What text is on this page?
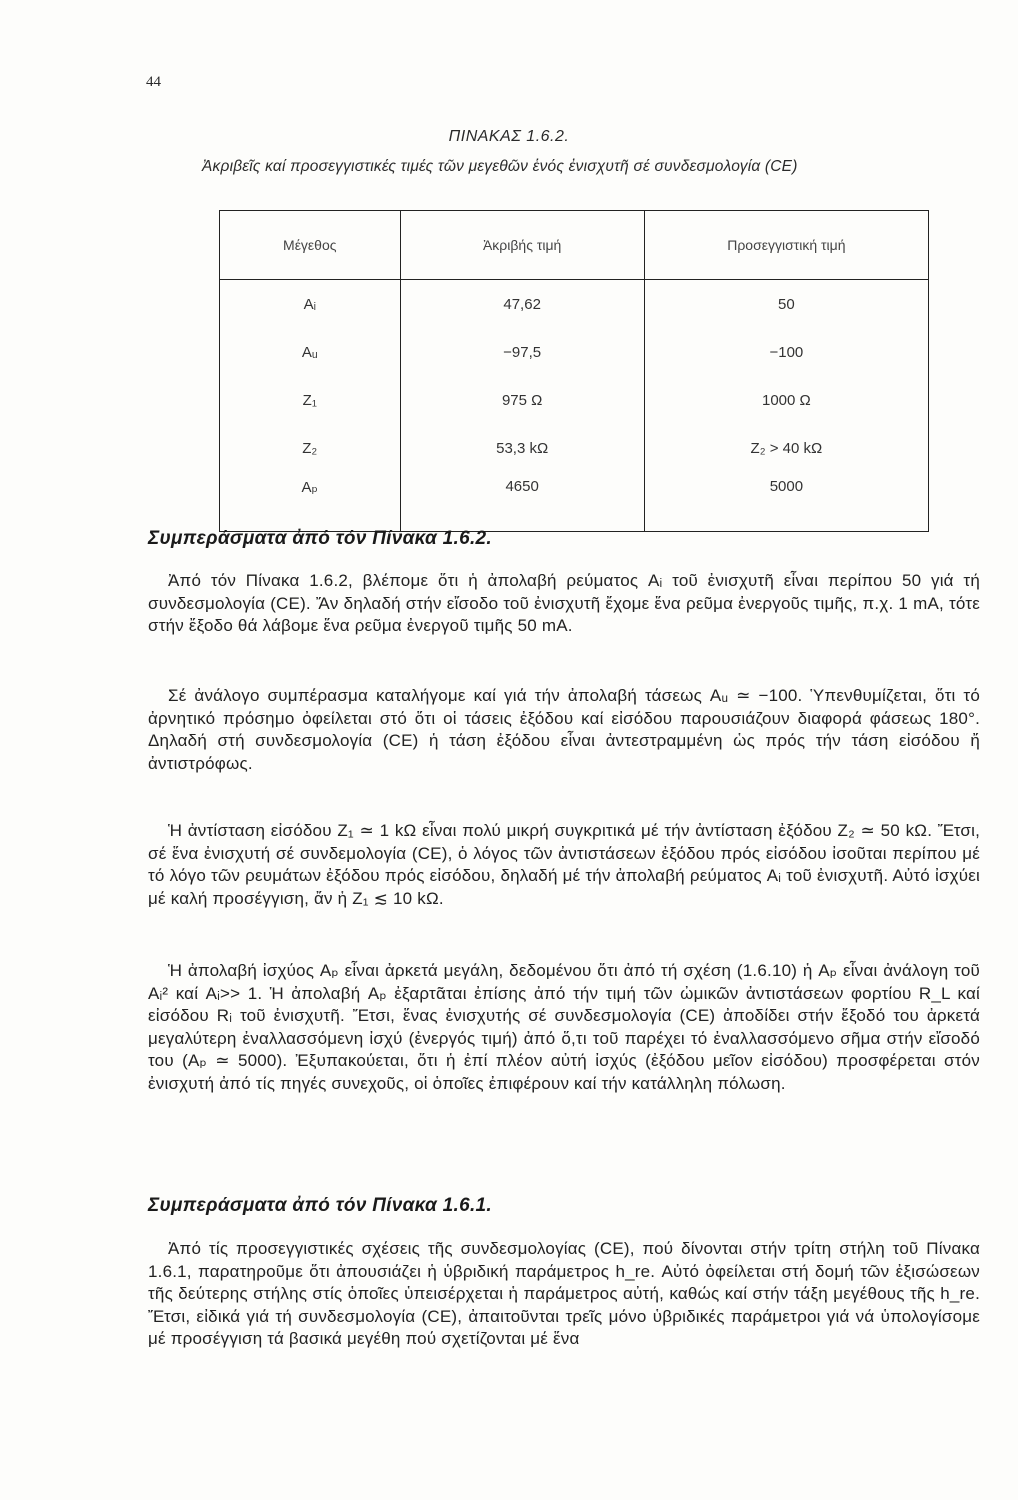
44
ΠΙΝΑΚΑΣ 1.6.2.
Ἀκριβεῖς καί προσεγγιστικές τιμές τῶν μεγεθῶν ἑνός ἐνισχυτῆ σέ συνδεσμολογία (CE)
Μέγεθος	Ἀκριβής τιμή	Προσεγγιστική τιμή
Aᵢ	47,62	50
Aᵤ	−97,5	−100
Z₁	975 Ω	1000 Ω
Z₂	53,3 kΩ	Z₂ > 40 kΩ
Aₚ	4650	5000
Συμπεράσματα ἀπό τόν Πίνακα 1.6.2.

Ἀπό τόν Πίνακα 1.6.2, βλέπομε ὅτι ἡ ἀπολαβή ρεύματος Aᵢ τοῦ ἐνισχυτῆ εἶναι περίπου 50 γιά τή συνδεσμολογία (CE). Ἄν δηλαδή στήν εἴσοδο τοῦ ἐνισχυτῆ ἔχομε ἕνα ρεῦμα ἐνεργοῦς τιμῆς, π.χ. 1 mA, τότε στήν ἔξοδο θά λάβομε ἕνα ρεῦμα ἐνεργοῦ τιμῆς 50 mA.

Σέ ἀνάλογο συμπέρασμα καταλήγομε καί γιά τήν ἀπολαβή τάσεως Aᵤ ≃ −100. Ὑπενθυμίζεται, ὅτι τό ἀρνητικό πρόσημο ὀφείλεται στό ὅτι οἱ τάσεις ἐξόδου καί εἰσόδου παρουσιάζουν διαφορά φάσεως 180°. Δηλαδή στή συνδεσμολογία (CE) ἡ τάση ἐξόδου εἶναι ἀντεστραμμένη ὡς πρός τήν τάση εἰσόδου ἤ ἀντιστρόφως.

Ἡ ἀντίσταση εἰσόδου Z₁ ≃ 1 kΩ εἶναι πολύ μικρή συγκριτικά μέ τήν ἀντίσταση ἐξόδου Z₂ ≃ 50 kΩ. Ἔτσι, σέ ἕνα ἐνισχυτή σέ συνδεμολογία (CE), ὁ λόγος τῶν ἀντιστάσεων ἐξόδου πρός εἰσόδου ἰσοῦται περίπου μέ τό λόγο τῶν ρευμάτων ἐξόδου πρός εἰσόδου, δηλαδή μέ τήν ἀπολαβή ρεύματος Aᵢ τοῦ ἐνισχυτῆ. Αὐτό ἰσχύει μέ καλή προσέγγιση, ἄν ἡ Z₁ ≲ 10 kΩ.

Ἡ ἀπολαβή ἰσχύος Aₚ εἶναι ἀρκετά μεγάλη, δεδομένου ὅτι ἀπό τή σχέση (1.6.10) ἡ Aₚ εἶναι ἀνάλογη τοῦ Aᵢ² καί Aᵢ>> 1. Ἡ ἀπολαβή Aₚ ἐξαρτᾶται ἐπίσης ἀπό τήν τιμή τῶν ὠμικῶν ἀντιστάσεων φορτίου R_L καί εἰσόδου Rᵢ τοῦ ἐνισχυτῆ. Ἔτσι, ἕνας ἐνισχυτής σέ συνδεσμολογία (CE) ἀποδίδει στήν ἔξοδό του ἀρκετά μεγαλύτερη ἐναλλασσόμενη ἰσχύ (ἐνεργός τιμή) ἀπό ὅ,τι τοῦ παρέχει τό ἐναλλασσόμενο σῆμα στήν εἴσοδό του (Aₚ ≃ 5000). Ἐξυπακούεται, ὅτι ἡ ἐπί πλέον αὐτή ἰσχύς (ἐξόδου μεῖον εἰσόδου) προσφέρεται στόν ἐνισχυτή ἀπό τίς πηγές συνεχοῦς, οἱ ὁποῖες ἐπιφέρουν καί τήν κατάλληλη πόλωση.

Συμπεράσματα ἀπό τόν Πίνακα 1.6.1.

Ἀπό τίς προσεγγιστικές σχέσεις τῆς συνδεσμολογίας (CE), πού δίνονται στήν τρίτη στήλη τοῦ Πίνακα 1.6.1, παρατηροῦμε ὅτι ἀπουσιάζει ἡ ὑβριδική παράμετρος h_re. Αὐτό ὀφείλεται στή δομή τῶν ἐξισώσεων τῆς δεύτερης στήλης στίς ὁποῖες ὑπεισέρχεται ἡ παράμετρος αὐτή, καθώς καί στήν τάξη μεγέθους τῆς h_re. Ἔτσι, εἰδικά γιά τή συνδεσμολογία (CE), ἀπαιτοῦνται τρεῖς μόνο ὑβριδικές παράμετροι γιά νά ὑπολογίσομε μέ προσέγγιση τά βασικά μεγέθη πού σχετίζονται μέ ἕνα
